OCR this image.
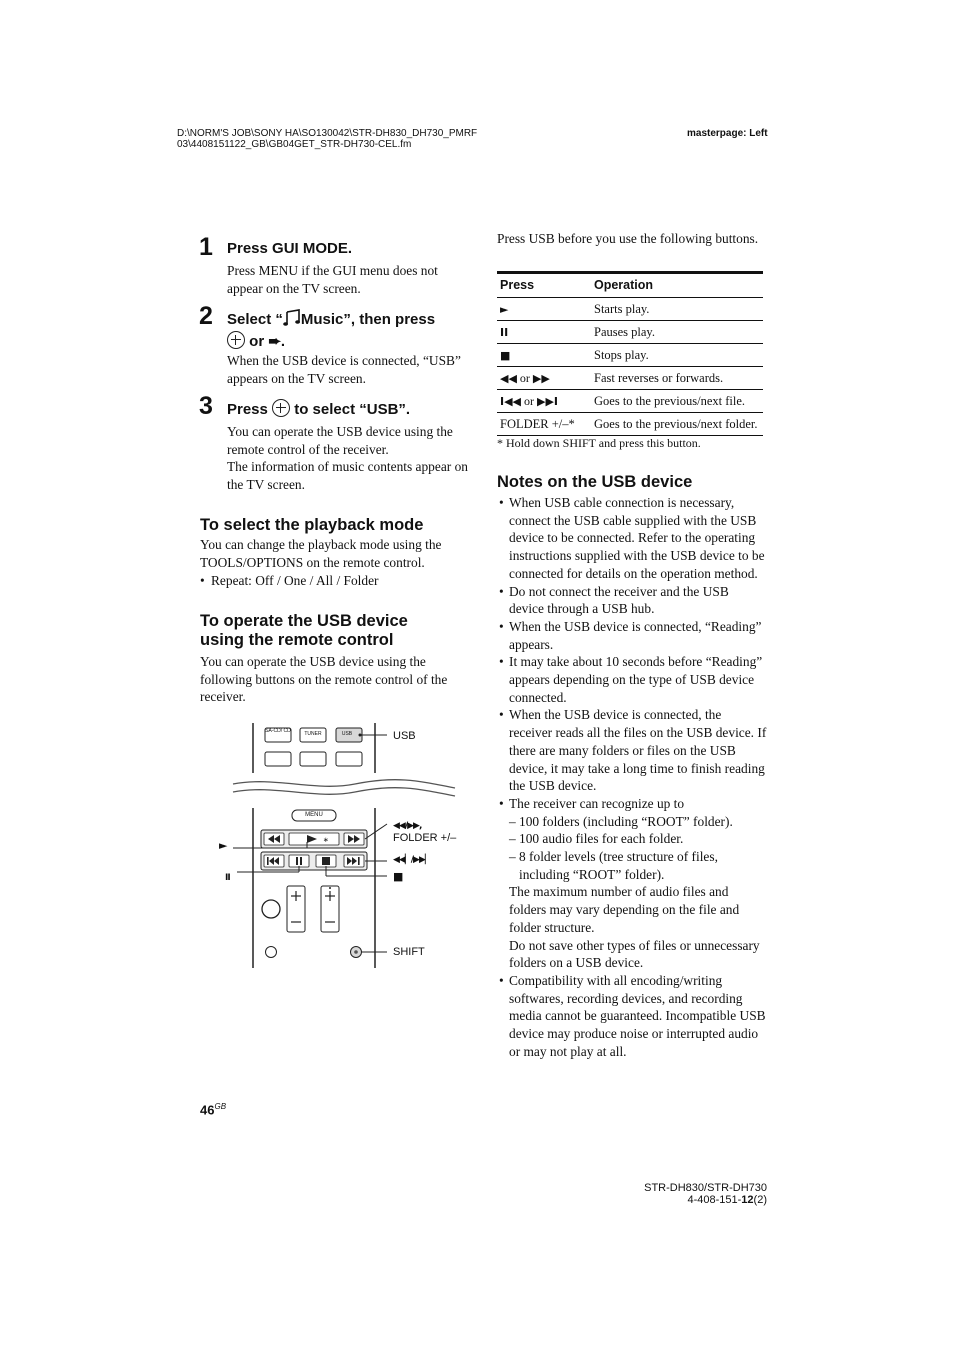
D:\NORM'S JOB\SONY HA\SO130042\STR-DH830_DH730_PMRF
03\4408151122_GB\GB04GET_STR-DH730-CEL.fm
masterpage: Left
1 Press GUI MODE.
Press MENU if the GUI menu does not appear on the TV screen.
2 Select “ Music”, then press
or ➨.
When the USB device is connected, “USB” appears on the TV screen.
3 Press  to select “USB”.
You can operate the USB device using the remote control of the receiver.
The information of music contents appear on the TV screen.
To select the playback mode
You can change the playback mode using the TOOLS/OPTIONS on the remote control.
• Repeat: Off / One / All / Folder
To operate the USB device
using the remote control
You can operate the USB device using the following buttons on the remote control of the receiver.
∗
SA-CD/ CD	TUNER	USB
MENU
USB
◀◀/▶▶,
FOLDER +/–
◀◀▏/▶▶▏
■
►
II
SHIFT
Press USB before you use the following buttons.
Press	Operation
►	Starts play.
II	Pauses play.
■	Stops play.
◀◀ or ▶▶	Fast reverses or forwards.
I◀◀ or ▶▶I	Goes to the previous/next file.
FOLDER +/–*	Goes to the previous/next folder.
* Hold down SHIFT and press this button.
Notes on the USB device
• When USB cable connection is necessary, connect the USB cable supplied with the USB device to be connected. Refer to the operating instructions supplied with the USB device to be connected for details on the operation method.
• Do not connect the receiver and the USB device through a USB hub.
• When the USB device is connected, “Reading” appears.
• It may take about 10 seconds before “Reading” appears depending on the type of USB device connected.
• When the USB device is connected, the receiver reads all the files on the USB device. If there are many folders or files on the USB device, it may take a long time to finish reading the USB device.
• The receiver can recognize up to
– 100 folders (including “ROOT” folder).
– 100 audio files for each folder.
– 8 folder levels (tree structure of files, including “ROOT” folder).
The maximum number of audio files and folders may vary depending on the file and folder structure.
Do not save other types of files or unnecessary folders on a USB device.
• Compatibility with all encoding/writing softwares, recording devices, and recording media cannot be guaranteed. Incompatible USB device may produce noise or interrupted audio or may not play at all.
$46^{GB}$
STR-DH830/STR-DH730
4-408-151-12(2)
